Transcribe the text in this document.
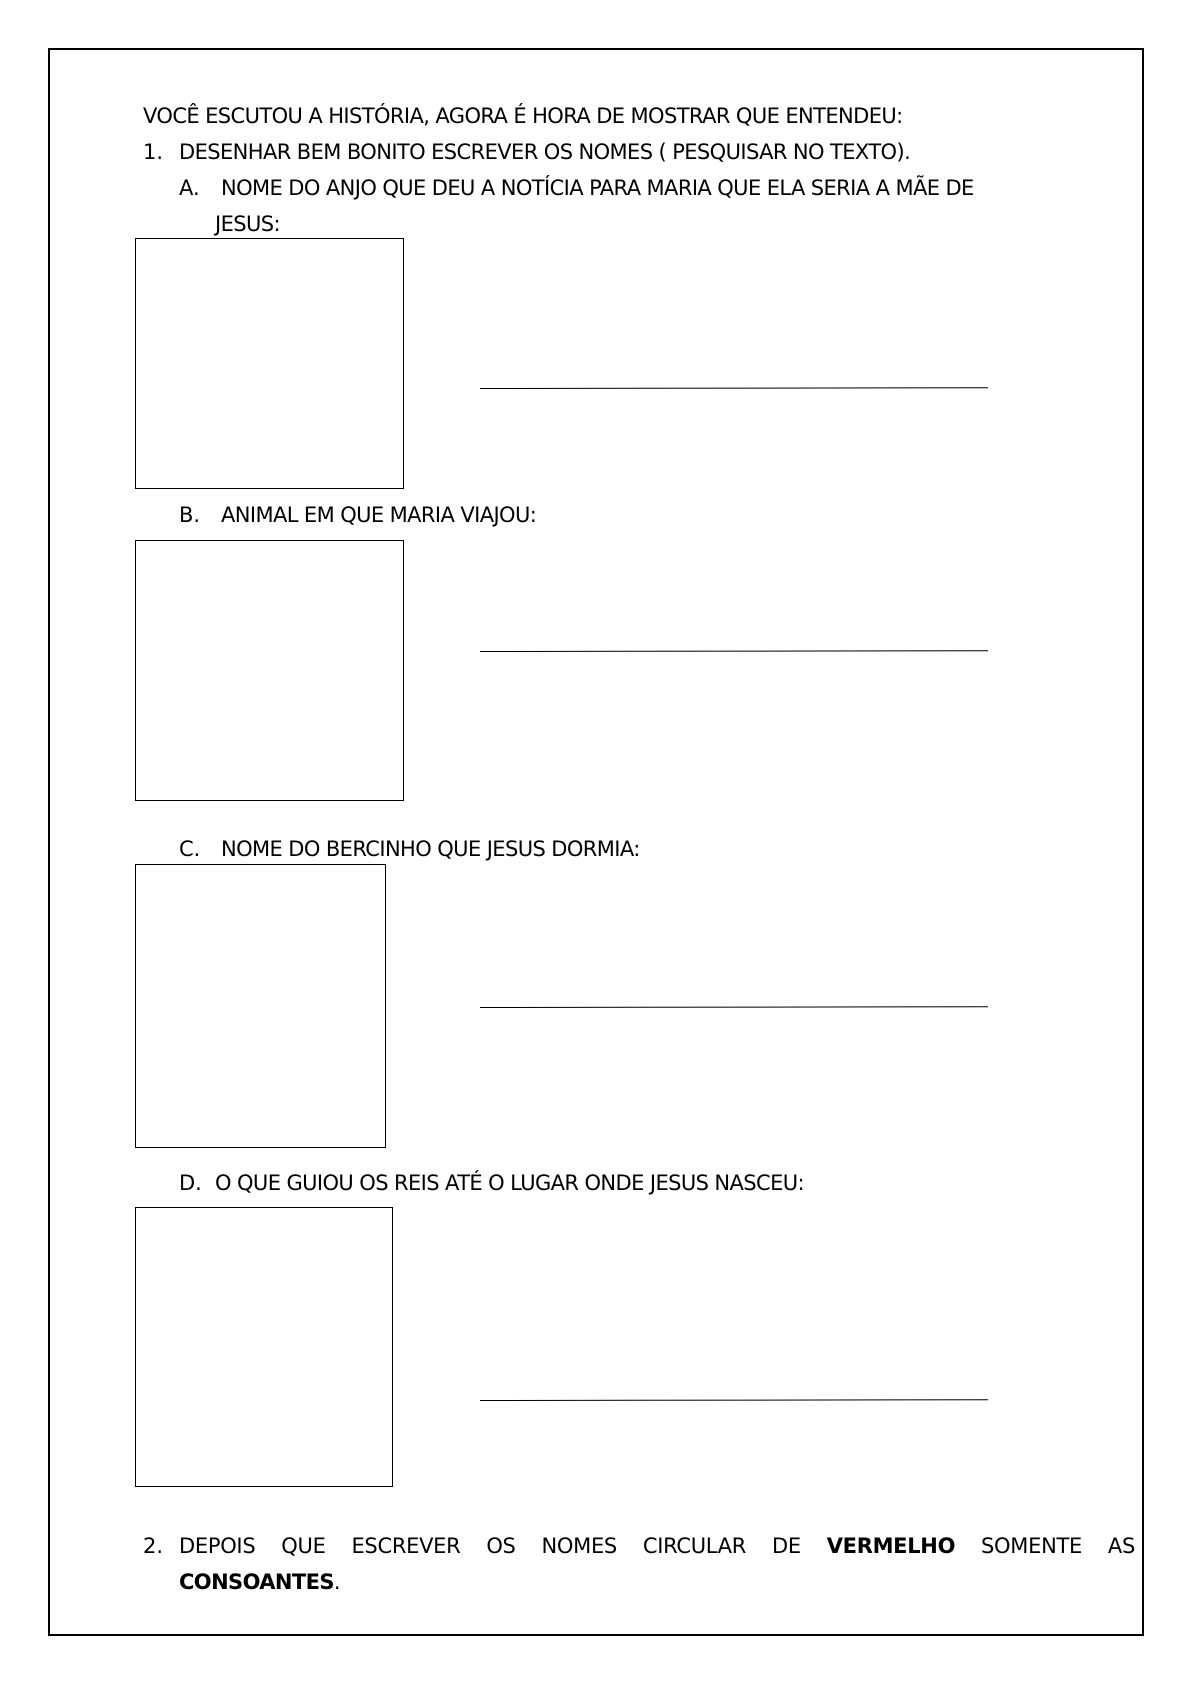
VOCÊ ESCUTOU A HISTÓRIA, AGORA É HORA DE MOSTRAR QUE ENTENDEU:
1. DESENHAR BEM BONITO ESCREVER OS NOMES ( PESQUISAR NO TEXTO).
A. NOME DO ANJO QUE DEU A NOTÍCIA PARA MARIA QUE ELA SERIA A MÃE DE
JESUS:
B. ANIMAL EM QUE MARIA VIAJOU:
C. NOME DO BERCINHO QUE JESUS DORMIA:
D. O QUE GUIOU OS REIS ATÉ O LUGAR ONDE JESUS NASCEU:
2. DEPOIS QUE ESCREVER OS NOMES CIRCULAR DE VERMELHO SOMENTE AS
CONSOANTES.
